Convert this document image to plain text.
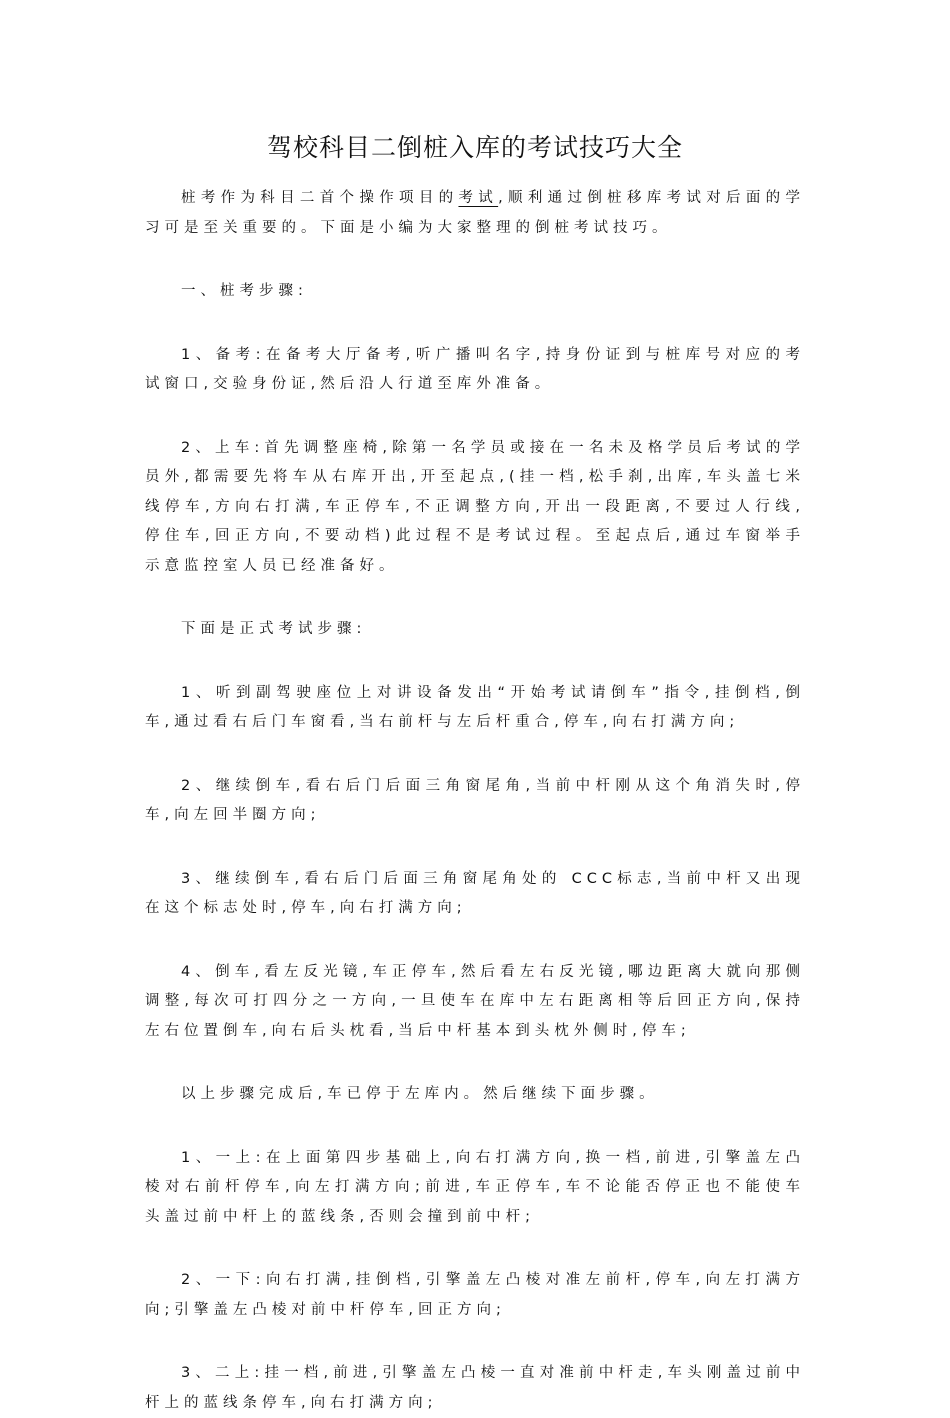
驾校科目二倒桩入库的考试技巧大全

桩考作为科目二首个操作项目的考试,顺利通过倒桩移库考试对后面的学习可是至关重要的。下面是小编为大家整理的倒桩考试技巧。

一、桩考步骤:

1、备考:在备考大厅备考,听广播叫名字,持身份证到与桩库号对应的考试窗口,交验身份证,然后沿人行道至库外准备。

2、上车:首先调整座椅,除第一名学员或接在一名未及格学员后考试的学员外,都需要先将车从右库开出,开至起点,(挂一档,松手刹,出库,车头盖七米线停车,方向右打满,车正停车,不正调整方向,开出一段距离,不要过人行线,停住车,回正方向,不要动档)此过程不是考试过程。至起点后,通过车窗举手示意监控室人员已经准备好。

下面是正式考试步骤:

1、听到副驾驶座位上对讲设备发出“开始考试请倒车”指令,挂倒档,倒车,通过看右后门车窗看,当右前杆与左后杆重合,停车,向右打满方向;

2、继续倒车,看右后门后面三角窗尾角,当前中杆刚从这个角消失时,停车,向左回半圈方向;

3、继续倒车,看右后门后面三角窗尾角处的 CCC标志,当前中杆又出现在这个标志处时,停车,向右打满方向;

4、倒车,看左反光镜,车正停车,然后看左右反光镜,哪边距离大就向那侧调整,每次可打四分之一方向,一旦使车在库中左右距离相等后回正方向,保持左右位置倒车,向右后头枕看,当后中杆基本到头枕外侧时,停车;

以上步骤完成后,车已停于左库内。然后继续下面步骤。

1、一上:在上面第四步基础上,向右打满方向,换一档,前进,引擎盖左凸棱对右前杆停车,向左打满方向;前进,车正停车,车不论能否停正也不能使车头盖过前中杆上的蓝线条,否则会撞到前中杆;

2、一下:向右打满,挂倒档,引擎盖左凸棱对准左前杆,停车,向左打满方向;引擎盖左凸棱对前中杆停车,回正方向;

3、二上:挂一档,前进,引擎盖左凸棱一直对准前中杆走,车头刚盖过前中杆上的蓝线条停车,向右打满方向;
